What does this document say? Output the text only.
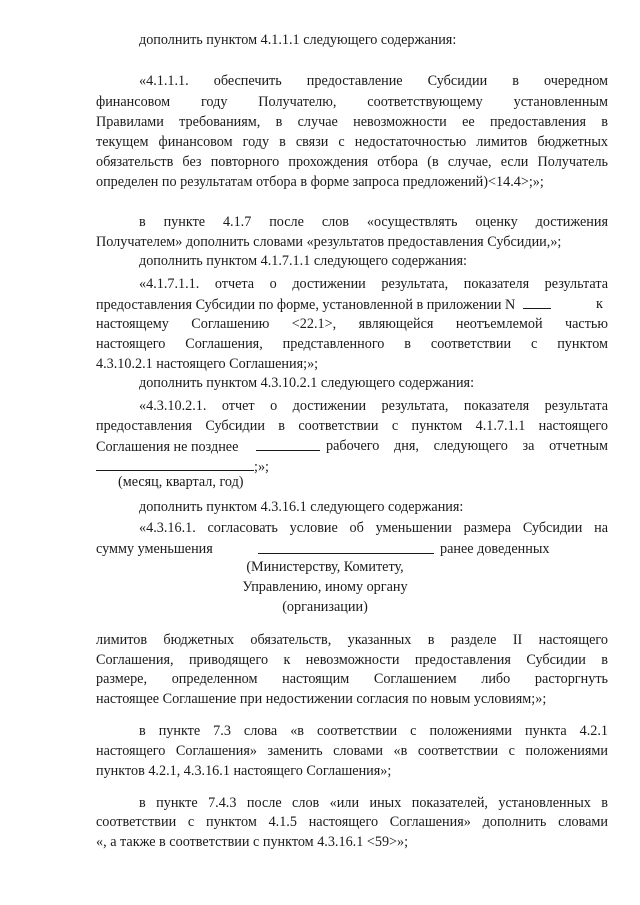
дополнить пунктом 4.1.1.1 следующего содержания:
«4.1.1.1. обеспечить предоставление Субсидии в очередном
финансовом году Получателю, соответствующему установленным
Правилами требованиям, в случае невозможности ее предоставления в
текущем финансовом году в связи с недостаточностью лимитов бюджетных
обязательств без повторного прохождения отбора (в случае, если Получатель
определен по результатам отбора в форме запроса предложений)<14.4>;»;
в пункте 4.1.7 после слов «осуществлять оценку достижения
Получателем» дополнить словами «результатов предоставления Субсидии,»;
дополнить пунктом 4.1.7.1.1 следующего содержания:
«4.1.7.1.1. отчета о достижении результата, показателя результата
предоставления Субсидии по форме, установленной в приложении N	к
настоящему Соглашению <22.1>, являющейся неотъемлемой частью
настоящего Соглашения, представленного в соответствии с пунктом
4.3.10.2.1 настоящего Соглашения;»;
дополнить пунктом 4.3.10.2.1 следующего содержания:
«4.3.10.2.1. отчет о достижении результата, показателя результата
предоставления Субсидии в соответствии с пунктом 4.1.7.1.1 настоящего
Соглашения не позднее	рабочего дня, следующего за отчетным
;»;
(месяц, квартал, год)
дополнить пунктом 4.3.16.1 следующего содержания:
«4.3.16.1. согласовать условие об уменьшении размера Субсидии на
сумму уменьшения	ранее доведенных
(Министерству, Комитету,
Управлению, иному органу
(организации)
лимитов бюджетных обязательств, указанных в разделе II настоящего
Соглашения, приводящего к невозможности предоставления Субсидии в
размере, определенном настоящим Соглашением либо расторгнуть
настоящее Соглашение при недостижении согласия по новым условиям;»;
в пункте 7.3 слова «в соответствии с положениями пункта 4.2.1
настоящего Соглашения» заменить словами «в соответствии с положениями
пунктов 4.2.1, 4.3.16.1 настоящего Соглашения»;
в пункте 7.4.3 после слов «или иных показателей, установленных в
соответствии с пунктом 4.1.5 настоящего Соглашения» дополнить словами
«, а также в соответствии с пунктом 4.3.16.1 <59>»;
